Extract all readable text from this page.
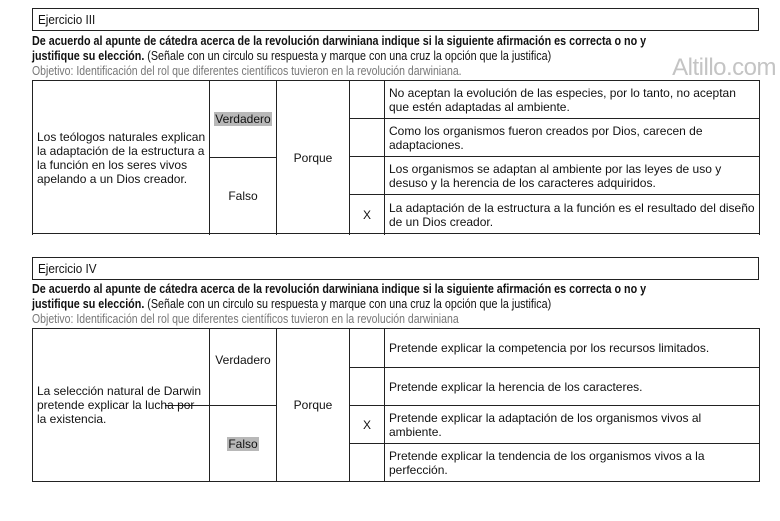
Altillo.com
Ejercicio III
De acuerdo al apunte de cátedra acerca de la revolución darwiniana indique si la siguiente afirmación es correcta o no y
justifique su elección. (Señale con un circulo su respuesta y marque con una cruz la opción que la justifica)
Objetivo: Identificación del rol que diferentes científicos tuvieron en la revolución darwiniana.
Los teólogos naturales explican la adaptación de la estructura a la función en los seres vivos apelando a un Dios creador.
Verdadero
Falso
Porque
No aceptan la evolución de las especies, por lo tanto, no aceptan que estén adaptadas al ambiente.
Como los organismos fueron creados por Dios, carecen de adaptaciones.
Los organismos se adaptan al ambiente por las leyes de uso y desuso y la herencia de los caracteres adquiridos.
X	La adaptación de la estructura a la función es el resultado del diseño de un Dios creador.
Ejercicio IV
De acuerdo al apunte de cátedra acerca de la revolución darwiniana indique si la siguiente afirmación es correcta o no y
justifique su elección. (Señale con un circulo su respuesta y marque con una cruz la opción que la justifica)
Objetivo: Identificación del rol que diferentes científicos tuvieron en la revolución darwiniana
La selección natural de Darwin pretende explicar la lucha por la existencia.
Verdadero
Falso
Porque
Pretende explicar la competencia por los recursos limitados.
Pretende explicar la herencia de los caracteres.
X	Pretende explicar la adaptación de los organismos vivos al ambiente.
Pretende explicar la tendencia de los organismos vivos a la perfección.
